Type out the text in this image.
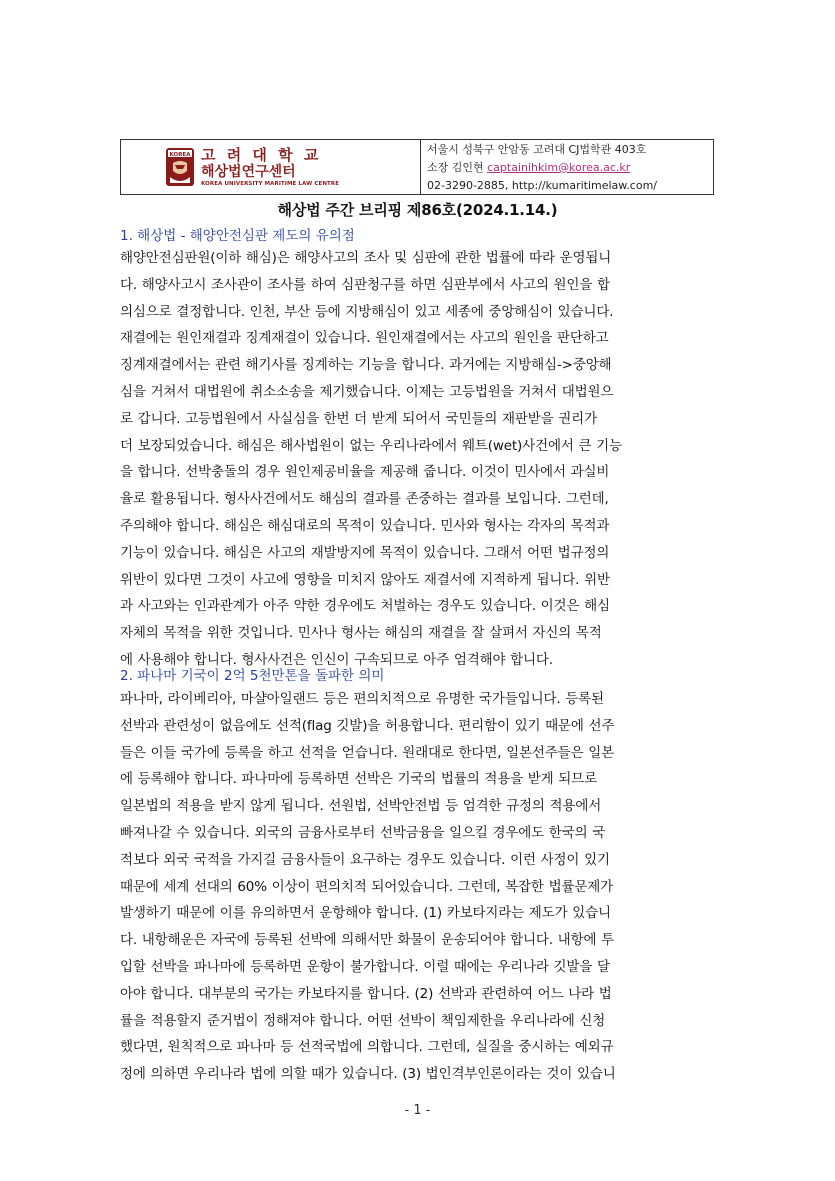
KOREA 고 려 대 학 교
해상법연구센터
KOREA UNIVERSITY MARITIME LAW CENTRE
서울시 성북구 안암동 고려대 CJ법학관 403호
소장 김인현 captainihkim@korea.ac.kr
02-3290-2885, http://kumaritimelaw.com/
해상법 주간 브리핑 제86호(2024.1.14.)
1. 해상법 - 해양안전심판 제도의 유의점
해양안전심판원(이하 해심)은 해양사고의 조사 및 심판에 관한 법률에 따라 운영됩니
다. 해양사고시 조사관이 조사를 하여 심판청구를 하면 심판부에서 사고의 원인을 합
의심으로 결정합니다. 인천, 부산 등에 지방해심이 있고 세종에 중앙해심이 있습니다.
재결에는 원인재결과 징계재결이 있습니다. 원인재결에서는 사고의 원인을 판단하고
징계재결에서는 관련 해기사를 징계하는 기능을 합니다. 과거에는 지방해심->중앙해
심을 거쳐서 대법원에 취소소송을 제기했습니다. 이제는 고등법원을 거쳐서 대법원으
로 갑니다. 고등법원에서 사실심을 한번 더 받게 되어서 국민들의 재판받을 권리가
더 보장되었습니다. 해심은 해사법원이 없는 우리나라에서 웨트(wet)사건에서 큰 기능
을 합니다. 선박충돌의 경우 원인제공비율을 제공해 줍니다. 이것이 민사에서 과실비
율로 활용됩니다. 형사사건에서도 해심의 결과를 존중하는 결과를 보입니다. 그런데,
주의해야 합니다. 해심은 해심대로의 목적이 있습니다. 민사와 형사는 각자의 목적과
기능이 있습니다. 해심은 사고의 재발방지에 목적이 있습니다. 그래서 어떤 법규정의
위반이 있다면 그것이 사고에 영향을 미치지 않아도 재결서에 지적하게 됩니다. 위반
과 사고와는 인과관계가 아주 약한 경우에도 처벌하는 경우도 있습니다. 이것은 해심
자체의 목적을 위한 것입니다. 민사나 형사는 해심의 재결을 잘 살펴서 자신의 목적
에 사용해야 합니다. 형사사건은 인신이 구속되므로 아주 엄격해야 합니다.
2. 파나마 기국이 2억 5천만톤을 돌파한 의미
파나마, 라이베리아, 마샬아일랜드 등은 편의치적으로 유명한 국가들입니다. 등록된
선박과 관련성이 없음에도 선적(flag 깃발)을 허용합니다. 편리함이 있기 때문에 선주
들은 이들 국가에 등록을 하고 선적을 얻습니다. 원래대로 한다면, 일본선주들은 일본
에 등록해야 합니다. 파나마에 등록하면 선박은 기국의 법률의 적용을 받게 되므로
일본법의 적용을 받지 않게 됩니다. 선원법, 선박안전법 등 엄격한 규정의 적용에서
빠져나갈 수 있습니다. 외국의 금융사로부터 선박금융을 일으킬 경우에도 한국의 국
적보다 외국 국적을 가지길 금융사들이 요구하는 경우도 있습니다. 이런 사정이 있기
때문에 세계 선대의 60% 이상이 편의치적 되어있습니다. 그런데, 복잡한 법률문제가
발생하기 때문에 이를 유의하면서 운항해야 합니다. (1) 카보타지라는 제도가 있습니
다. 내항해운은 자국에 등록된 선박에 의해서만 화물이 운송되어야 합니다. 내항에 투
입할 선박을 파나마에 등록하면 운항이 불가합니다. 이럴 때에는 우리나라 깃발을 달
아야 합니다. 대부분의 국가는 카보타지를 합니다. (2) 선박과 관련하여 어느 나라 법
률을 적용할지 준거법이 정해져야 합니다. 어떤 선박이 책임제한을 우리나라에 신청
했다면, 원칙적으로 파나마 등 선적국법에 의합니다. 그런데, 실질을 중시하는 예외규
정에 의하면 우리나라 법에 의할 때가 있습니다. (3) 법인격부인론이라는 것이 있습니
- 1 -
